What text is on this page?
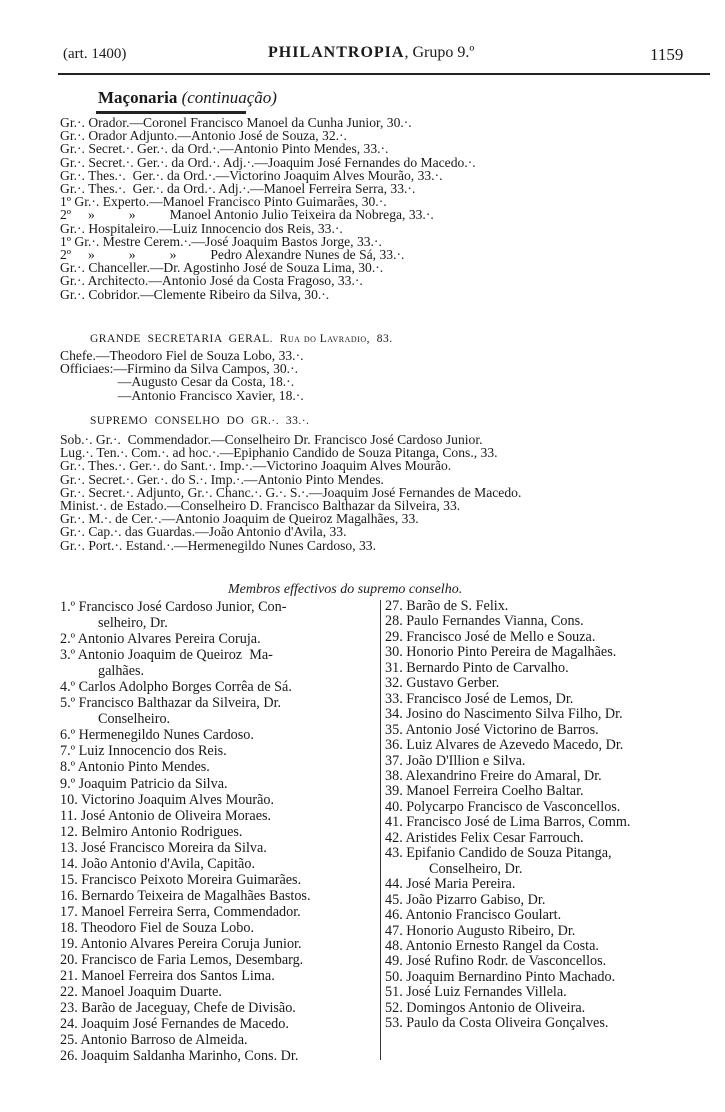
(art. 1400)	PHILANTROPIA, Grupo 9.º	1159
Maçonaria (continuação)
Gr.·. Orador.—Coronel Francisco Manoel da Cunha Junior, 30.·.
Gr.·. Orador Adjunto.—Antonio José de Souza, 32.·.
Gr.·. Secret.·. Ger.·. da Ord.·.—Antonio Pinto Mendes, 33.·.
Gr.·. Secret.·. Ger.·. da Ord.·. Adj.·.—Joaquim José Fernandes do Macedo.·.
Gr.·. Thes.·.  Ger.·. da Ord.·.—Victorino Joaquim Alves Mourão, 33.·.
Gr.·. Thes.·.  Ger.·. da Ord.·. Adj.·.—Manoel Ferreira Serra, 33.·.
1º Gr.·. Experto.—Manoel Francisco Pinto Guimarães, 30.·.
2º     »          »          Manoel Antonio Julio Teixeira da Nobrega, 33.·.
Gr.·. Hospitaleiro.—Luiz Innocencio dos Reis, 33.·.
1º Gr.·. Mestre Cerem.·.—José Joaquim Bastos Jorge, 33.·.
2º     »          »          »          Pedro Alexandre Nunes de Sá, 33.·.
Gr.·. Chanceller.—Dr. Agostinho José de Souza Lima, 30.·.
Gr.·. Architecto.—Antonio José da Costa Fragoso, 33.·.
Gr.·. Cobridor.—Clemente Ribeiro da Silva, 30.·.
GRANDE  SECRETARIA  GERAL.  Rua do Lavradio,  83.
Chefe.—Theodoro Fiel de Souza Lobo, 33.·.
Officiaes:—Firmino da Silva Campos, 30.·.
—Augusto Cesar da Costa, 18.·.
—Antonio Francisco Xavier, 18.·.
SUPREMO  CONSELHO  DO  GR.·.  33.·.
Sob.·. Gr.·.  Commendador.—Conselheiro Dr. Francisco José Cardoso Junior.
Lug.·. Ten.·. Com.·. ad hoc.·.—Epiphanio Candido de Souza Pitanga, Cons., 33.
Gr.·. Thes.·. Ger.·. do Sant.·. Imp.·.—Victorino Joaquim Alves Mourão.
Gr.·. Secret.·. Ger.·. do S.·. Imp.·.—Antonio Pinto Mendes.
Gr.·. Secret.·. Adjunto, Gr.·. Chanc.·. G.·. S.·.—Joaquim José Fernandes de Macedo.
Minist.·. de Estado.—Conselheiro D. Francisco Balthazar da Silveira, 33.
Gr.·. M.·. de Cer.·.—Antonio Joaquim de Queiroz Magalhães, 33.
Gr.·. Cap.·. das Guardas.—João Antonio d'Avila, 33.
Gr.·. Port.·. Estand.·.—Hermenegildo Nunes Cardoso, 33.
Membros effectivos do supremo conselho.
1.º Francisco José Cardoso Junior, Con-
selheiro, Dr.
2.º Antonio Alvares Pereira Coruja.
3.º Antonio Joaquim de Queiroz  Ma-
galhães.
4.º Carlos Adolpho Borges Corrêa de Sá.
5.º Francisco Balthazar da Silveira, Dr.
Conselheiro.
6.º Hermenegildo Nunes Cardoso.
7.º Luiz Innocencio dos Reis.
8.º Antonio Pinto Mendes.
9.º Joaquim Patricio da Silva.
10. Victorino Joaquim Alves Mourão.
11. José Antonio de Oliveira Moraes.
12. Belmiro Antonio Rodrigues.
13. José Francisco Moreira da Silva.
14. João Antonio d'Avila, Capitão.
15. Francisco Peixoto Moreira Guimarães.
16. Bernardo Teixeira de Magalhães Bastos.
17. Manoel Ferreira Serra, Commendador.
18. Theodoro Fiel de Souza Lobo.
19. Antonio Alvares Pereira Coruja Junior.
20. Francisco de Faria Lemos, Desembarg.
21. Manoel Ferreira dos Santos Lima.
22. Manoel Joaquim Duarte.
23. Barão de Jaceguay, Chefe de Divisão.
24. Joaquim José Fernandes de Macedo.
25. Antonio Barroso de Almeida.
26. Joaquim Saldanha Marinho, Cons. Dr.
27. Barão de S. Felix.
28. Paulo Fernandes Vianna, Cons.
29. Francisco José de Mello e Souza.
30. Honorio Pinto Pereira de Magalhães.
31. Bernardo Pinto de Carvalho.
32. Gustavo Gerber.
33. Francisco José de Lemos, Dr.
34. Josino do Nascimento Silva Filho, Dr.
35. Antonio José Victorino de Barros.
36. Luiz Alvares de Azevedo Macedo, Dr.
37. João D'Illion e Silva.
38. Alexandrino Freire do Amaral, Dr.
39. Manoel Ferreira Coelho Baltar.
40. Polycarpo Francisco de Vasconcellos.
41. Francisco José de Lima Barros, Comm.
42. Aristides Felix Cesar Farrouch.
43. Epifanio Candido de Souza Pitanga,
Conselheiro, Dr.
44. José Maria Pereira.
45. João Pizarro Gabiso, Dr.
46. Antonio Francisco Goulart.
47. Honorio Augusto Ribeiro, Dr.
48. Antonio Ernesto Rangel da Costa.
49. José Rufino Rodr. de Vasconcellos.
50. Joaquim Bernardino Pinto Machado.
51. José Luiz Fernandes Villela.
52. Domingos Antonio de Oliveira.
53. Paulo da Costa Oliveira Gonçalves.
